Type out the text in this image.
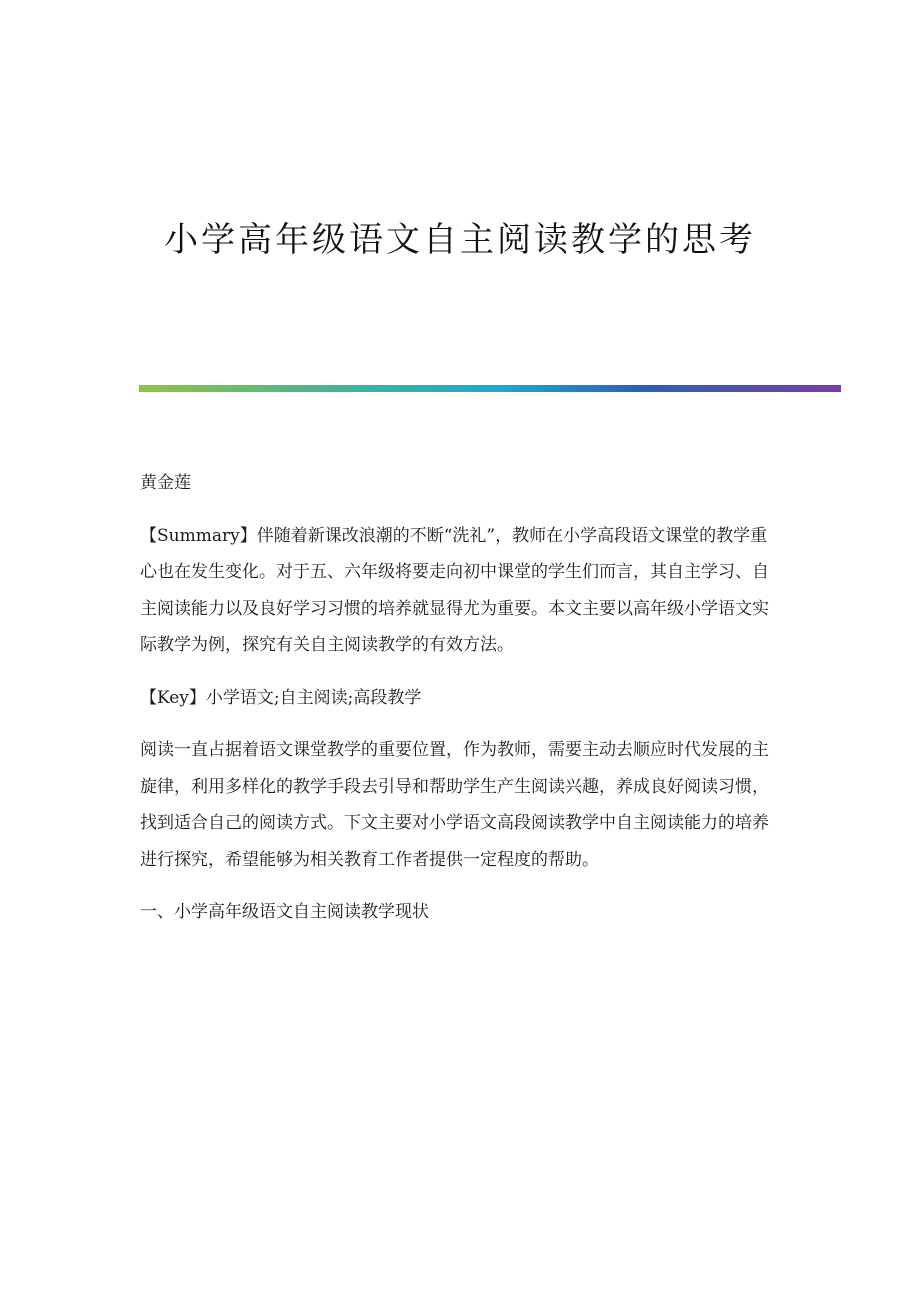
小学高年级语文自主阅读教学的思考

黄金莲

【Summary】伴随着新课改浪潮的不断“洗礼”，教师在小学高段语文课堂的教学重心也在发生变化。对于五、六年级将要走向初中课堂的学生们而言，其自主学习、自主阅读能力以及良好学习习惯的培养就显得尤为重要。本文主要以高年级小学语文实际教学为例，探究有关自主阅读教学的有效方法。

【Key】小学语文;自主阅读;高段教学

阅读一直占据着语文课堂教学的重要位置，作为教师，需要主动去顺应时代发展的主旋律，利用多样化的教学手段去引导和帮助学生产生阅读兴趣，养成良好阅读习惯，找到适合自己的阅读方式。下文主要对小学语文高段阅读教学中自主阅读能力的培养进行探究，希望能够为相关教育工作者提供一定程度的帮助。

一、小学高年级语文自主阅读教学现状
